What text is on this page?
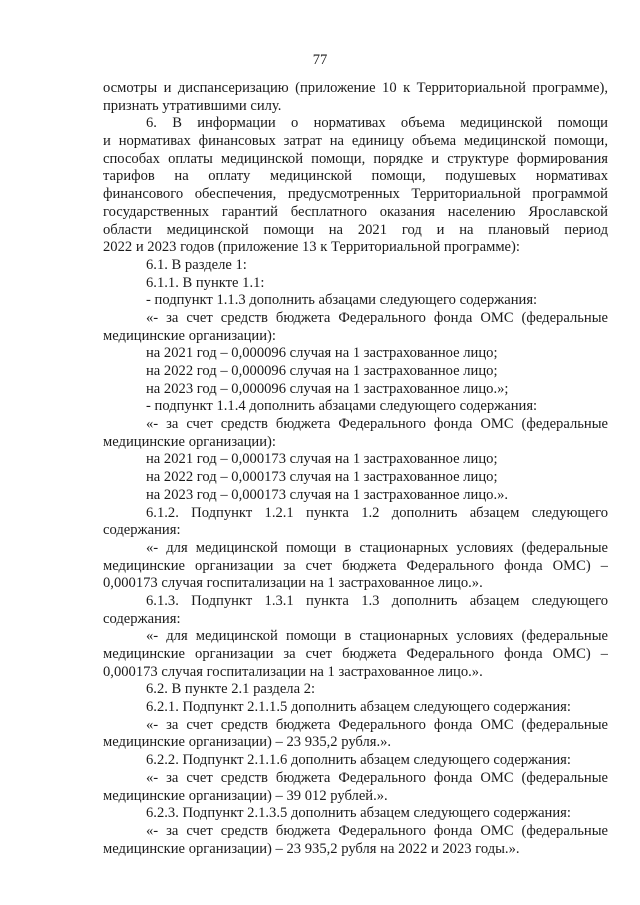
77
осмотры и диспансеризацию (приложение 10 к Территориальной программе),
признать утратившими силу.
6. В информации о нормативах объема медицинской помощи
и нормативах финансовых затрат на единицу объема медицинской помощи,
способах оплаты медицинской помощи, порядке и структуре формирования
тарифов на оплату медицинской помощи, подушевых нормативах
финансового обеспечения, предусмотренных Территориальной программой
государственных гарантий бесплатного оказания населению Ярославской
области медицинской помощи на 2021 год и на плановый период
2022 и 2023 годов (приложение 13 к Территориальной программе):
6.1. В разделе 1:
6.1.1. В пункте 1.1:
- подпункт 1.1.3 дополнить абзацами следующего содержания:
«- за счет средств бюджета Федерального фонда ОМС (федеральные
медицинские организации):
на 2021 год – 0,000096 случая на 1 застрахованное лицо;
на 2022 год – 0,000096 случая на 1 застрахованное лицо;
на 2023 год – 0,000096 случая на 1 застрахованное лицо.»;
- подпункт 1.1.4 дополнить абзацами следующего содержания:
«- за счет средств бюджета Федерального фонда ОМС (федеральные
медицинские организации):
на 2021 год – 0,000173 случая на 1 застрахованное лицо;
на 2022 год – 0,000173 случая на 1 застрахованное лицо;
на 2023 год – 0,000173 случая на 1 застрахованное лицо.».
6.1.2. Подпункт 1.2.1 пункта 1.2 дополнить абзацем следующего
содержания:
«- для медицинской помощи в стационарных условиях (федеральные
медицинские организации за счет бюджета Федерального фонда ОМС) –
0,000173 случая госпитализации на 1 застрахованное лицо.».
6.1.3. Подпункт 1.3.1 пункта 1.3 дополнить абзацем следующего
содержания:
«- для медицинской помощи в стационарных условиях (федеральные
медицинские организации за счет бюджета Федерального фонда ОМС) –
0,000173 случая госпитализации на 1 застрахованное лицо.».
6.2. В пункте 2.1 раздела 2:
6.2.1. Подпункт 2.1.1.5 дополнить абзацем следующего содержания:
«- за счет средств бюджета Федерального фонда ОМС (федеральные
медицинские организации) – 23 935,2 рубля.».
6.2.2. Подпункт 2.1.1.6 дополнить абзацем следующего содержания:
«- за счет средств бюджета Федерального фонда ОМС (федеральные
медицинские организации) – 39 012 рублей.».
6.2.3. Подпункт 2.1.3.5 дополнить абзацем следующего содержания:
«- за счет средств бюджета Федерального фонда ОМС (федеральные
медицинские организации) – 23 935,2 рубля на 2022 и 2023 годы.».
